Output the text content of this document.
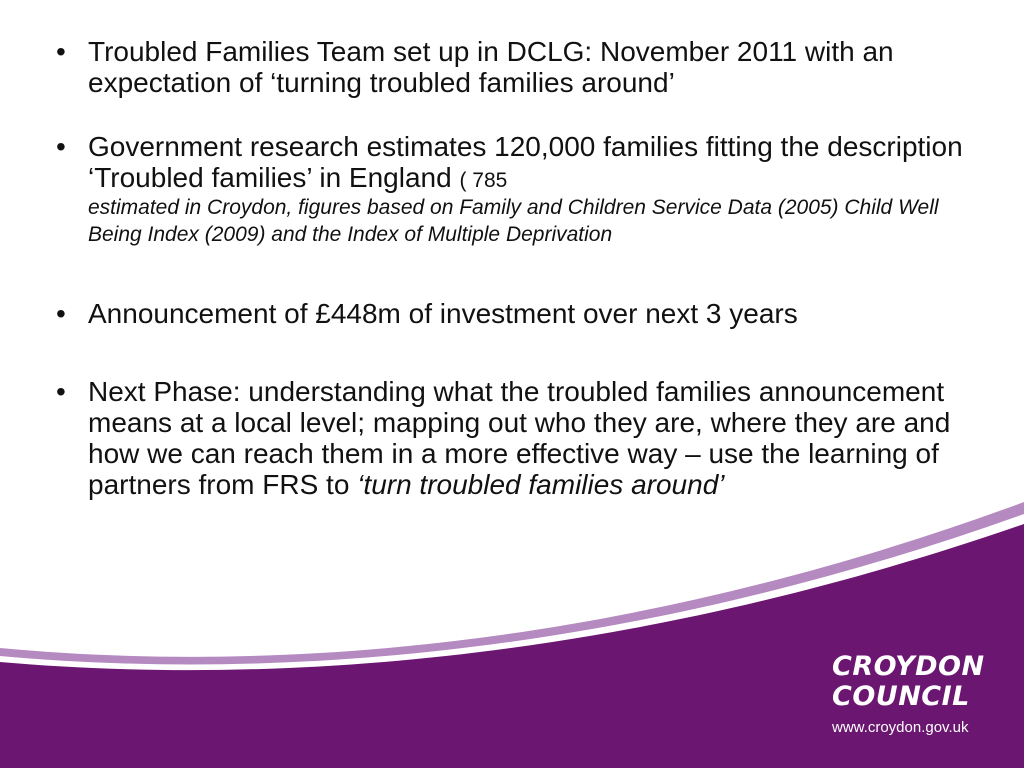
• Troubled Families Team set up in DCLG: November 2011 with an expectation of ‘turning troubled families around’
• Government research estimates 120,000 families fitting the description ‘Troubled families’ in England ( 785
estimated in Croydon, figures based on Family and Children Service Data (2005) Child Well Being Index (2009) and the Index of Multiple Deprivation
• Announcement of £448m of investment over next 3 years
• Next Phase: understanding what the troubled families announcement means at a local level; mapping out who they are, where they are and how we can reach them in a more effective way – use the learning of partners from FRS to ‘turn troubled families around’
CROYDON
COUNCIL
www.croydon.gov.uk
